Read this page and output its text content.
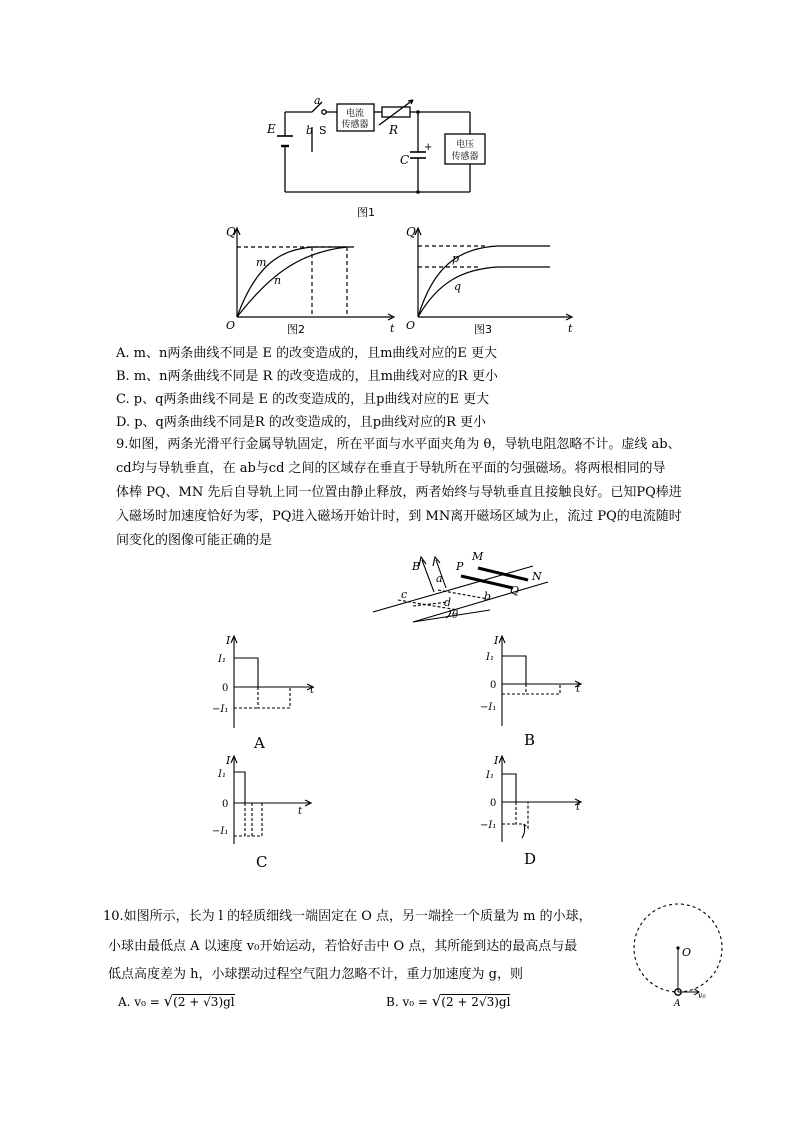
a
b S
电流
传感器 R
E
C
+	电压
传感器
图1
Q
t
O
m
n
图2
Q
t
O
p
q
图3
A. m、n两条曲线不同是 E 的改变造成的，且m曲线对应的E 更大
B. m、n两条曲线不同是 R 的改变造成的，且m曲线对应的R 更小
C. p、q两条曲线不同是 E 的改变造成的，且p曲线对应的E 更大
D. p、q两条曲线不同是R 的改变造成的，且p曲线对应的R 更小
9.如图，两条光滑平行金属导轨固定，所在平面与水平面夹角为 θ，导轨电阻忽略不计。虚线 ab、
cd均与导轨垂直，在 ab与cd 之间的区域存在垂直于导轨所在平面的匀强磁场。将两根相同的导
体棒 PQ、MN 先后自导轨上同一位置由静止释放，两者始终与导轨垂直且接触良好。已知PQ棒进
入磁场时加速度恰好为零，PQ进入磁场开始计时，到 MN离开磁场区域为止，流过 PQ的电流随时
间变化的图像可能正确的是
B	P
M
N
a
b
c
d
Q
θ
I
I₁
0
−I₁
t
A
I
I₁
0
−I₁
t
B
I
I₁
0
−I₁
t
C
I
I₁
0
−I₁
t
D
10.如图所示，长为 l 的轻质细线一端固定在 O 点，另一端拴一个质量为 m 的小球，
小球由最低点 A 以速度 v₀开始运动，若恰好击中 O 点，其所能到达的最高点与最
低点高度差为 h，小球摆动过程空气阻力忽略不计，重力加速度为 g，则
A. v₀ = √(2 + √3)gl	B. v₀ = √(2 + 2√3)gl
O
A
v₀
